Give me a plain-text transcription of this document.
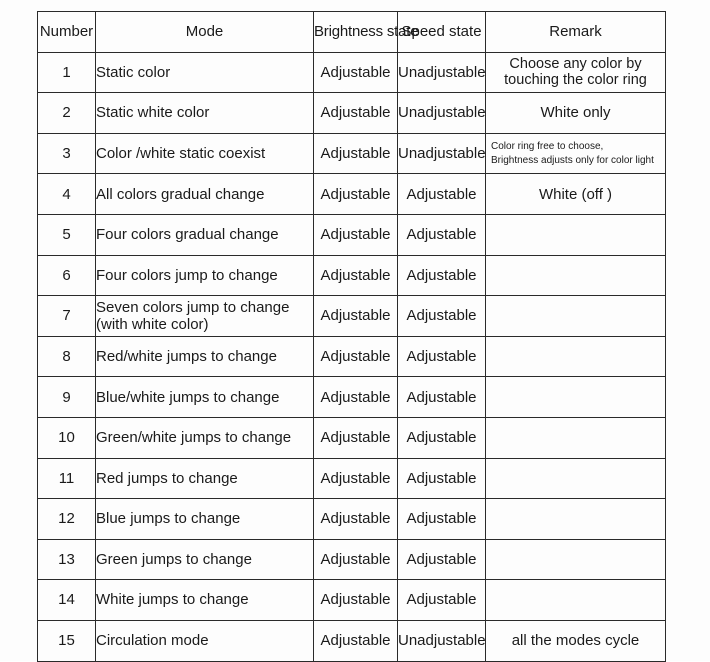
Number	Mode	Brightness state	Speed state	Remark
1	Static color	Adjustable	Unadjustable	Choose any color by
touching the color ring

2	Static white color	Adjustable	Unadjustable	White only

3	Color /white static coexist	Adjustable	Unadjustable	Color ring free to choose,
Brightness adjusts only for color light

4	All colors gradual change	Adjustable	Adjustable	White (off )

5	Four colors gradual change	Adjustable	Adjustable	

6	Four colors jump to change	Adjustable	Adjustable	

7	Seven colors jump to change
(with white color)	Adjustable	Adjustable	

8	Red/white jumps to change	Adjustable	Adjustable	

9	Blue/white jumps to change	Adjustable	Adjustable	

10	Green/white jumps to change	Adjustable	Adjustable	

11	Red jumps to change	Adjustable	Adjustable	

12	Blue jumps to change	Adjustable	Adjustable	

13	Green jumps to change	Adjustable	Adjustable	

14	White jumps to change	Adjustable	Adjustable	

15	Circulation mode	Adjustable	Unadjustable	all the modes cycle
